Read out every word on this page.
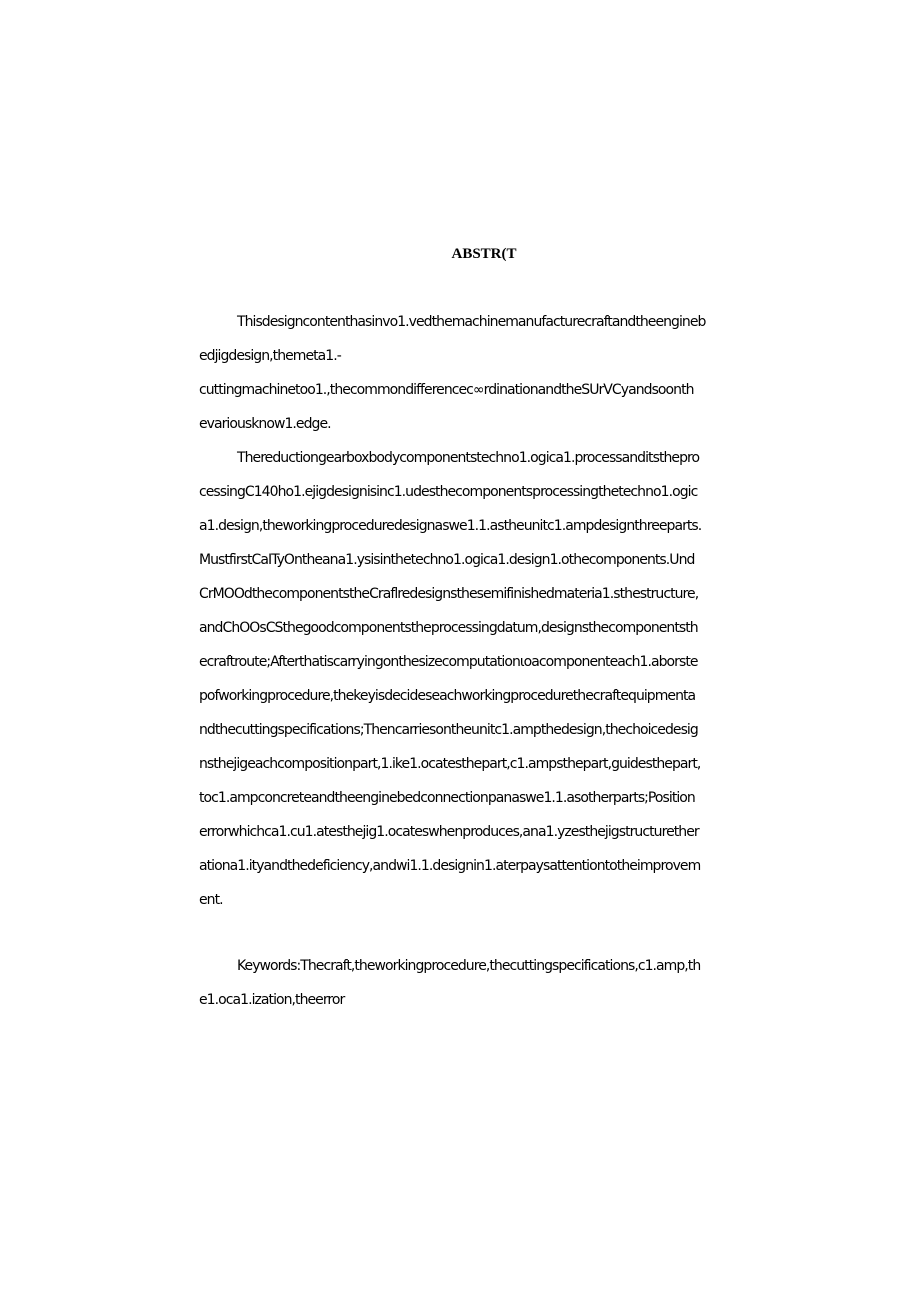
ABSTR(T
Thisdesigncontenthasinvo1.vedthemachinemanufacturecraftandtheengineb
edjigdesign,themeta1.-
cuttingmachinetoo1.,thecommondifferencec∞rdinationandtheSUrVCyandsoonth
evariousknow1.edge.
Thereductiongearboxbodycomponentstechno1.ogica1.processanditsthepro
cessingC140ho1.ejigdesignisinc1.udesthecomponentsprocessingthetechno1.ogic
a1.design,theworkingproceduredesignaswe1.1.astheunitc1.ampdesignthreeparts.
MustfirstCaITyOntheana1.ysisinthetechno1.ogica1.design1.othecomponents.Und
CrMOOdthecomponentstheCraflredesignsthesemifinishedmateria1.sthestructure,
andChOOsCSthegoodcomponentstheprocessingdatum,designsthecomponentsth
ecraftroute;Afterthatiscarryingonthesizecomputationιoacomponenteach1.aborste
pofworkingprocedure,thekeyisdecideseachworkingprocedurethecraftequipmenta
ndthecuttingspecifications;Thencarriesontheunitc1.ampthedesign,thechoicedesig
nsthejigeachcompositionpart,1.ike1.ocatesthepart,c1.ampsthepart,guidesthepart,
toc1.ampconcreteandtheenginebedconnectionpanaswe1.1.asotherparts;Position
errorwhichca1.cu1.atesthejig1.ocateswhenproduces,ana1.yzesthejigstructurether
ationa1.ityandthedeficiency,andwi1.1.designin1.aterpaysattentiontotheimprovem
ent.
Keywords:Thecraft,theworkingprocedure,thecuttingspecifications,c1.amp,th
e1.oca1.ization,theerror
